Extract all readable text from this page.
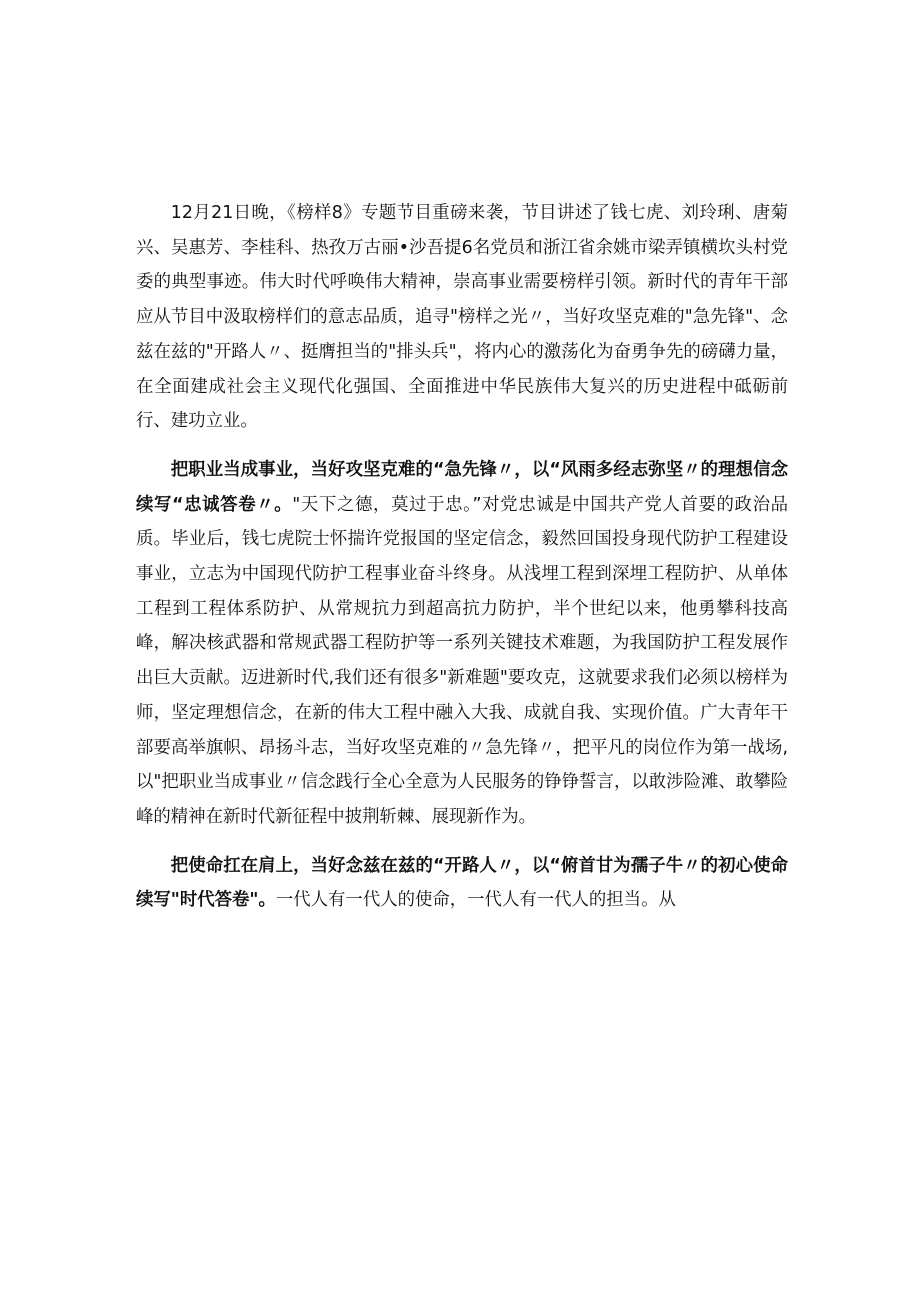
12月21日晚，《榜样8》专题节目重磅来袭，节目讲述了钱七虎、刘玲琍、唐菊兴、吴惠芳、李桂科、热孜万古丽•沙吾提6名党员和浙江省余姚市梁弄镇横坎头村党委的典型事迹。伟大时代呼唤伟大精神，崇高事业需要榜样引领。新时代的青年干部应从节目中汲取榜样们的意志品质，追寻"榜样之光〃，当好攻坚克难的"急先锋"、念兹在兹的"开路人〃、挺膺担当的"排头兵"，将内心的激荡化为奋勇争先的磅礴力量，在全面建成社会主义现代化强国、全面推进中华民族伟大复兴的历史进程中砥砺前行、建功立业。

把职业当成事业，当好攻坚克难的“急先锋〃，以“风雨多经志弥坚〃的理想信念续写“忠诚答卷〃。"天下之德，莫过于忠。”对党忠诚是中国共产党人首要的政治品质。毕业后，钱七虎院士怀揣许党报国的坚定信念，毅然回国投身现代防护工程建设事业，立志为中国现代防护工程事业奋斗终身。从浅埋工程到深埋工程防护、从单体工程到工程体系防护、从常规抗力到超高抗力防护，半个世纪以来，他勇攀科技高峰，解决核武器和常规武器工程防护等一系列关键技术难题，为我国防护工程发展作出巨大贡献。迈进新时代,我们还有很多"新难题"要攻克，这就要求我们必须以榜样为师，坚定理想信念，在新的伟大工程中融入大我、成就自我、实现价值。广大青年干部要高举旗帜、昂扬斗志，当好攻坚克难的〃急先锋〃，把平凡的岗位作为第一战场,以"把职业当成事业〃信念践行全心全意为人民服务的铮铮誓言，以敢涉险滩、敢攀险峰的精神在新时代新征程中披荆斩棘、展现新作为。

把使命扛在肩上，当好念兹在兹的“开路人〃，以“俯首甘为孺子牛〃的初心使命续写"时代答卷"。一代人有一代人的使命，一代人有一代人的担当。从
